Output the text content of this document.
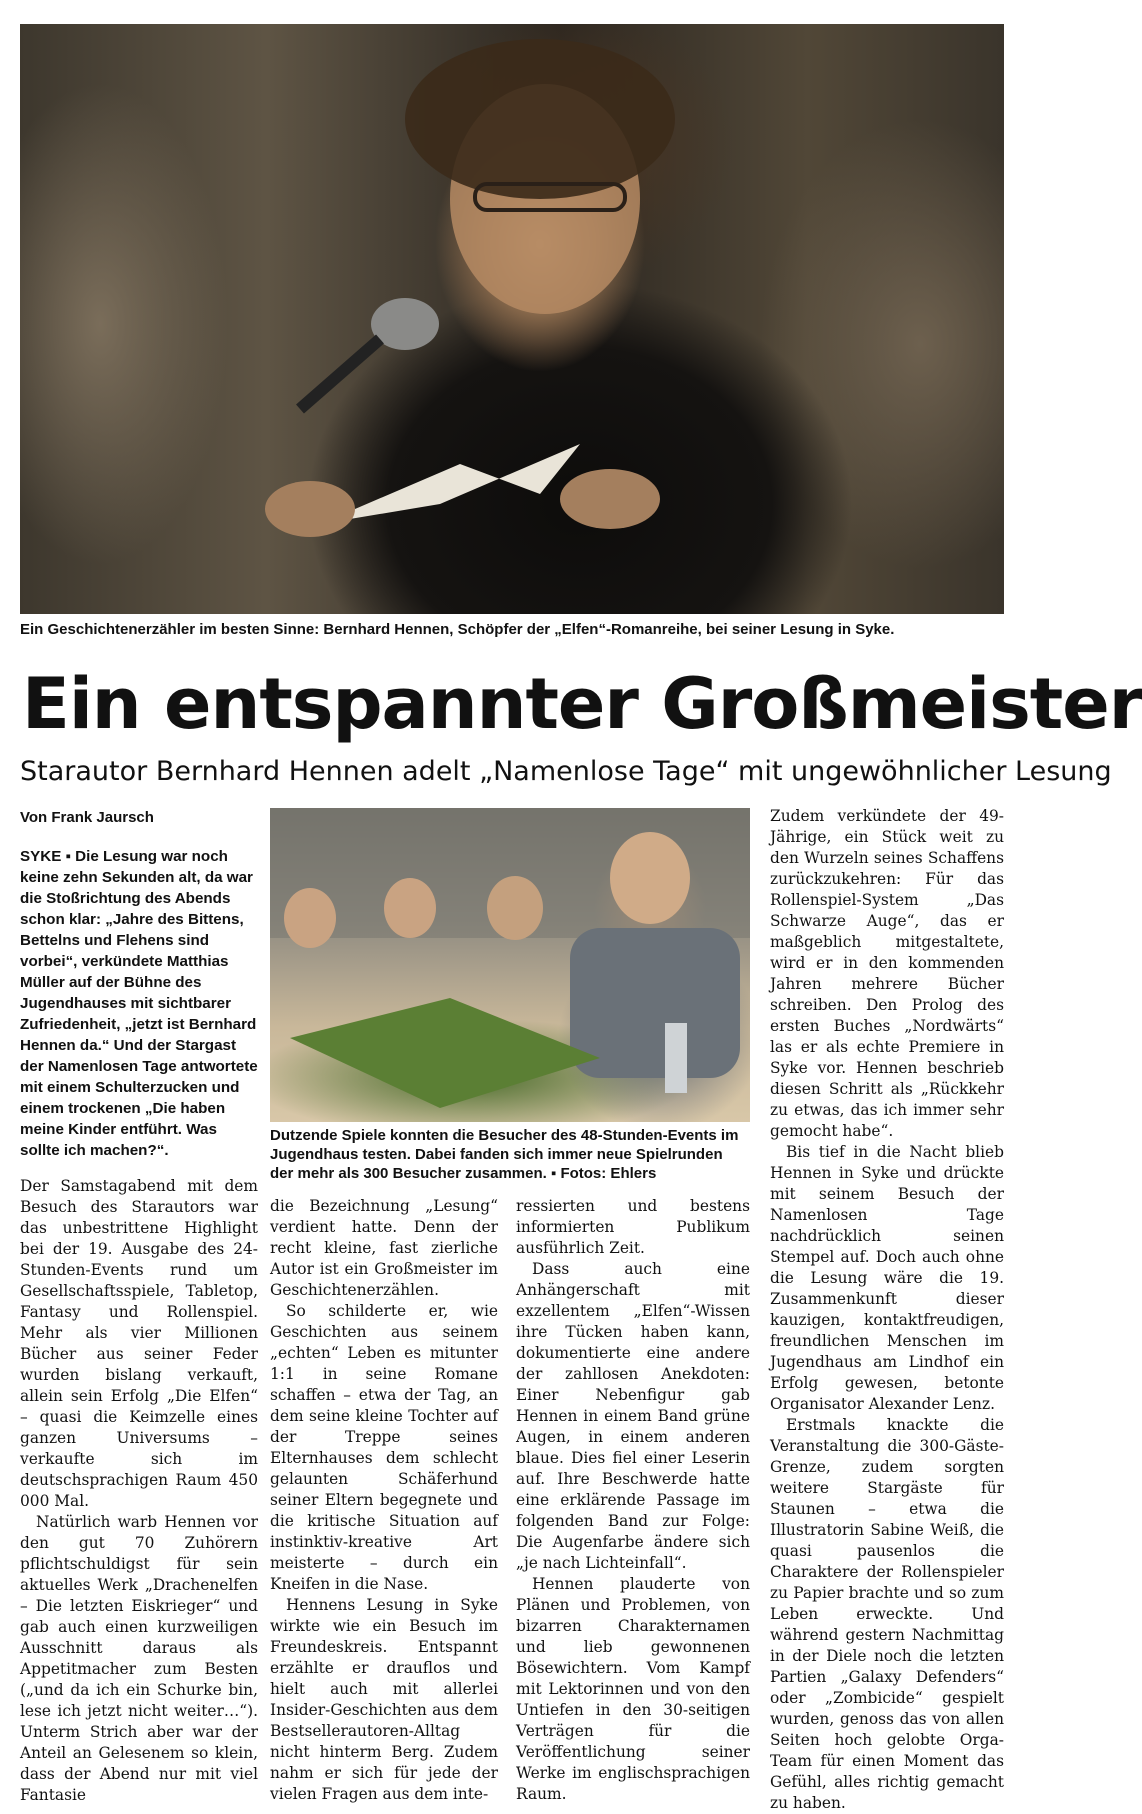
Ein Geschichtenerzähler im besten Sinne: Bernhard Hennen, Schöpfer der „Elfen“-Romanreihe, bei seiner Lesung in Syke.
Ein entspannter Großmeister
Starautor Bernhard Hennen adelt „Namenlose Tage“ mit ungewöhnlicher Lesung
Von Frank Jaursch
SYKE ▪ Die Lesung war noch keine zehn Sekunden alt, da war die Stoßrichtung des Abends schon klar: „Jahre des Bittens, Bettelns und Flehens sind vorbei“, verkündete Matthias Müller auf der Bühne des Jugendhauses mit sichtbarer Zufriedenheit, „jetzt ist Bernhard Hennen da.“ Und der Stargast der Namenlosen Tage antwortete mit einem Schulterzucken und einem trockenen „Die haben meine Kinder entführt. Was sollte ich machen?“.
Dutzende Spiele konnten die Besucher des 48-Stunden-Events im Jugendhaus testen. Dabei fanden sich immer neue Spielrunden der mehr als 300 Besucher zusammen. ▪ Fotos: Ehlers

Der Samstagabend mit dem Besuch des Starautors war das unbestrittene Highlight bei der 19. Ausgabe des 24-Stunden-Events rund um Gesellschaftsspiele, Tabletop, Fantasy und Rollenspiel. Mehr als vier Millionen Bücher aus seiner Feder wurden bislang verkauft, allein sein Erfolg „Die Elfen“ – quasi die Keimzelle eines ganzen Universums – verkaufte sich im deutschsprachigen Raum 450 000 Mal.

Natürlich warb Hennen vor den gut 70 Zuhörern pflichtschuldigst für sein aktuelles Werk „Drachenelfen – Die letzten Eiskrieger“ und gab auch einen kurzweiligen Ausschnitt daraus als Appetitmacher zum Besten („und da ich ein Schurke bin, lese ich jetzt nicht weiter…“). Unterm Strich aber war der Anteil an Gelesenem so klein, dass der Abend nur mit viel Fantasie

die Bezeichnung „Lesung“ verdient hatte. Denn der recht kleine, fast zierliche Autor ist ein Großmeister im Geschichtenerzählen.

So schilderte er, wie Geschichten aus seinem „echten“ Leben es mitunter 1:1 in seine Romane schaffen – etwa der Tag, an dem seine kleine Tochter auf der Treppe seines Elternhauses dem schlecht gelaunten Schäferhund seiner Eltern begegnete und die kritische Situation auf instinktiv-kreative Art meisterte – durch ein Kneifen in die Nase.

Hennens Lesung in Syke wirkte wie ein Besuch im Freundeskreis. Entspannt erzählte er drauflos und hielt auch mit allerlei Insider-Geschichten aus dem Bestsellerautoren-Alltag nicht hinterm Berg. Zudem nahm er sich für jede der vielen Fragen aus dem inte-

ressierten und bestens informierten Publikum ausführlich Zeit.

Dass auch eine Anhängerschaft mit exzellentem „Elfen“-Wissen ihre Tücken haben kann, dokumentierte eine andere der zahllosen Anekdoten: Einer Nebenfigur gab Hennen in einem Band grüne Augen, in einem anderen blaue. Dies fiel einer Leserin auf. Ihre Beschwerde hatte eine erklärende Passage im folgenden Band zur Folge: Die Augenfarbe ändere sich „je nach Lichteinfall“.

Hennen plauderte von Plänen und Problemen, von bizarren Charakternamen und lieb gewonnenen Bösewichtern. Vom Kampf mit Lektorinnen und von den Untiefen in den 30-seitigen Verträgen für die Veröffentlichung seiner Werke im englischsprachigen Raum.

Zudem verkündete der 49-Jährige, ein Stück weit zu den Wurzeln seines Schaffens zurückzukehren: Für das Rollenspiel-System „Das Schwarze Auge“, das er maßgeblich mitgestaltete, wird er in den kommenden Jahren mehrere Bücher schreiben. Den Prolog des ersten Buches „Nordwärts“ las er als echte Premiere in Syke vor. Hennen beschrieb diesen Schritt als „Rückkehr zu etwas, das ich immer sehr gemocht habe“.

Bis tief in die Nacht blieb Hennen in Syke und drückte mit seinem Besuch der Namenlosen Tage nachdrücklich seinen Stempel auf. Doch auch ohne die Lesung wäre die 19. Zusammenkunft dieser kauzigen, kontaktfreudigen, freundlichen Menschen im Jugendhaus am Lindhof ein Erfolg gewesen, betonte Organisator Alexander Lenz.

Erstmals knackte die Veranstaltung die 300-Gäste-Grenze, zudem sorgten weitere Stargäste für Staunen – etwa die Illustratorin Sabine Weiß, die quasi pausenlos die Charaktere der Rollenspieler zu Papier brachte und so zum Leben erweckte. Und während gestern Nachmittag in der Diele noch die letzten Partien „Galaxy Defenders“ oder „Zombicide“ gespielt wurden, genoss das von allen Seiten hoch gelobte Orga-Team für einen Moment das Gefühl, alles richtig gemacht zu haben.
